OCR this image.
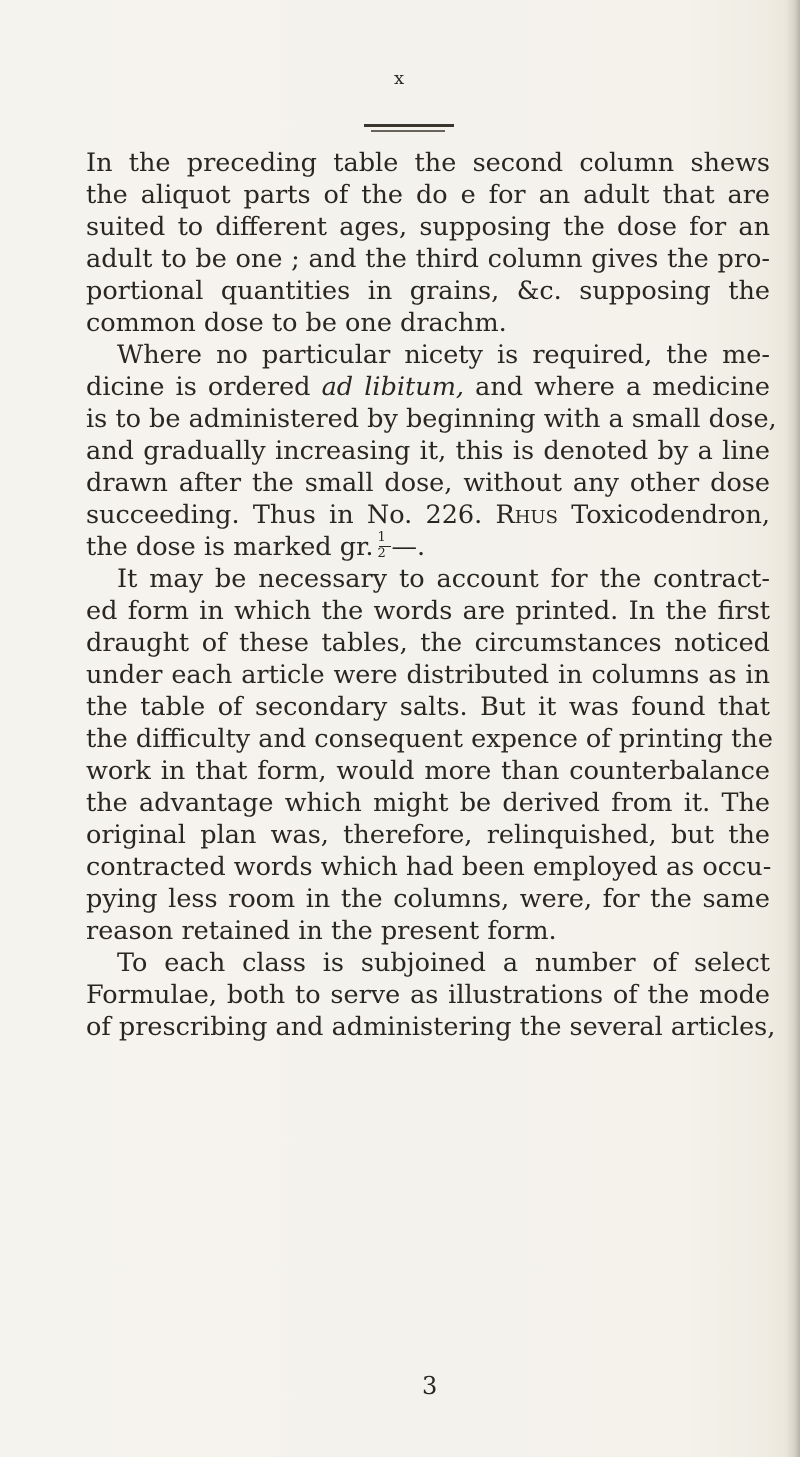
x
In the preceding table the second column shews
the aliquot parts of the do e for an adult that are
suited to different ages, supposing the dose for an
adult to be one ; and the third column gives the pro-
portional quantities in grains, &c. supposing the
common dose to be one drachm.
Where no particular nicety is required, the me-
dicine is ordered ad libitum, and where a medicine
is to be administered by beginning with a small dose,
and gradually increasing it, this is denoted by a line
drawn after the small dose, without any other dose
succeeding. Thus in No. 226. Rhus Toxicodendron,
the dose is marked gr. $\frac{1}{2}$ —.
It may be necessary to account for the contract-
ed form in which the words are printed. In the first
draught of these tables, the circumstances noticed
under each article were distributed in columns as in
the table of secondary salts. But it was found that
the difficulty and consequent expence of printing the
work in that form, would more than counterbalance
the advantage which might be derived from it. The
original plan was, therefore, relinquished, but the
contracted words which had been employed as occu-
pying less room in the columns, were, for the same
reason retained in the present form.
To each class is subjoined a number of select
Formulae, both to serve as illustrations of the mode
of prescribing and administering the several articles,
3
